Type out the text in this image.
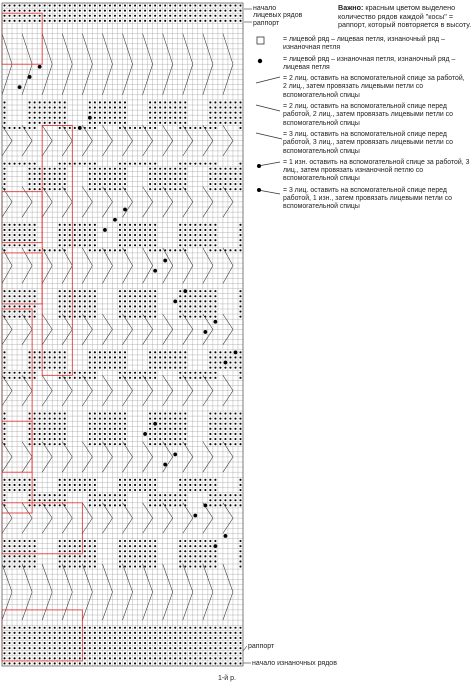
начало
лицевых рядов
раппорт
раппорт
начало изнаночных рядов
1-й р.
Важно: красным цветом выделено количество рядов каждой "косы" = раппорт, который повторяется в высоту.
= лицевой ряд – лицевая петля, изнаночный ряд – изнаночная петля
= лицевой ряд – изнаночная петля, изнаночный ряд – лицевая петля
= 2 лиц. оставить на вспомогательной спице за работой, 2 лиц., затем провязать лицевыми петли со вспомогательной спицы
= 2 лиц. оставить на вспомогательной спице перед работой, 2 лиц., затем провязать лицевыми петли со вспомогательной спицы
= 3 лиц. оставить на вспомогательной спице перед работой, 3 лиц., затем провязать лицевыми петли со вспомогательной спицы
= 1 изн. оставить на вспомогательной спице за работой, 3 лиц., затем провязать изнаночной петлю со вспомогательной спицы
= 3 лиц. оставить на вспомогательной спице перед работой, 1 изн., затем провязать лицевыми петли со вспомогательной спицы
